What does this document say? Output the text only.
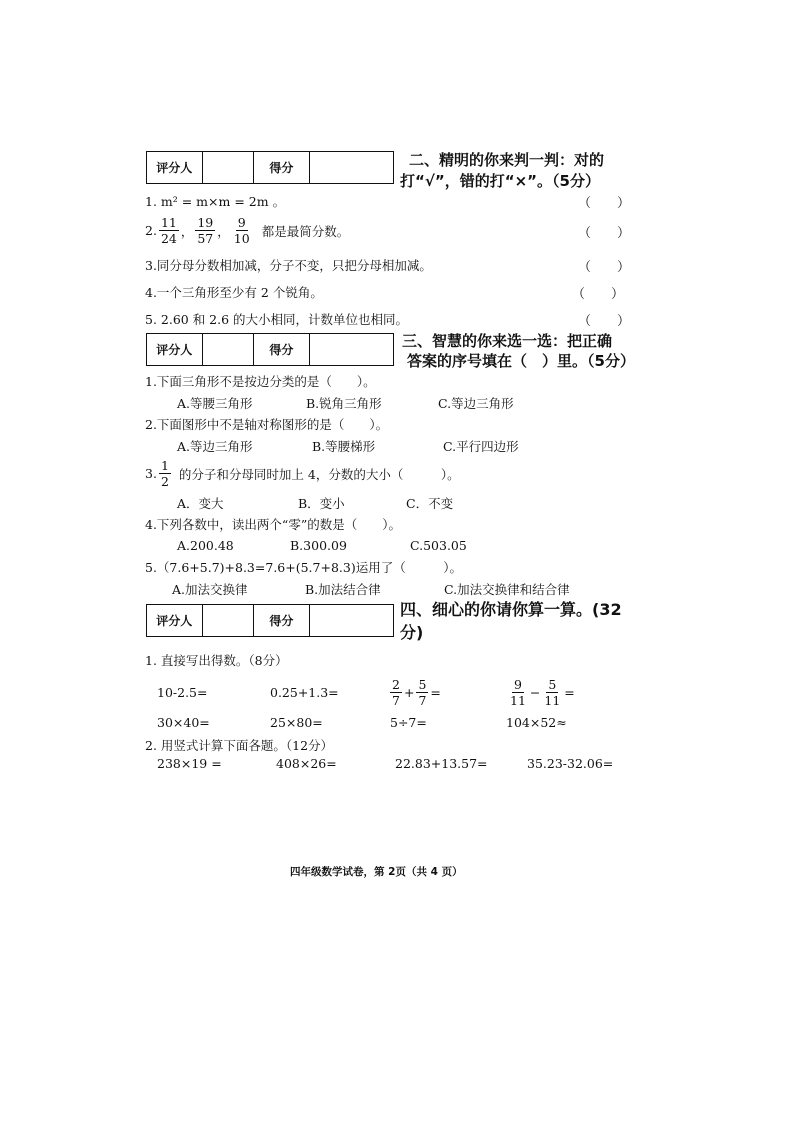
评分人	得分	二、精明的你来判一判：对的
打“√”，错的打“×”。（5分）
1. m² = m×m = 2m 。	（　　）
2. $\frac{11}{24}$ ， $\frac{19}{57}$ ， $\frac{9}{10}$ 都是最简分数。	（　　）
3.同分母分数相加减，分子不变，只把分母相加减。	（　　）
4.一个三角形至少有 2 个锐角。	（　　）
5. 2.60 和 2.6 的大小相同，计数单位也相同。	（　　）
评分人	得分	三、智慧的你来选一选：把正确
答案的序号填在（　）里。（5分）
1.下面三角形不是按边分类的是（　　）。
A.等腰三角形	B.锐角三角形	C.等边三角形
2.下面图形中不是轴对称图形的是（　　）。
A.等边三角形	B.等腰梯形	C.平行四边形
3. $\frac{1}{2}$ 的分子和分母同时加上 4，分数的大小（　　　）。
A．变大	B．变小	C．不变
4.下列各数中，读出两个“零”的数是（　　）。
A.200.48	B.300.09	C.503.05
5.（7.6+5.7)+8.3=7.6+(5.7+8.3)运用了（　　　）。
A.加法交换律	B.加法结合律	C.加法交换律和结合律
评分人	得分
四、细心的你请你算一算。(32
分)
1. 直接写出得数。（8分）
10-2.5=	0.25+1.3=	$\frac{2}{7} + \frac{5}{7}$ =	$\frac{9}{11} - \frac{5}{11}$ =
30×40=	25×80=	5÷7=	104×52≈
2. 用竖式计算下面各题。（12分）
238×19 =	408×26=	22.83+13.57=	35.23-32.06=
四年级数学试卷，第 2页（共 4 页）
